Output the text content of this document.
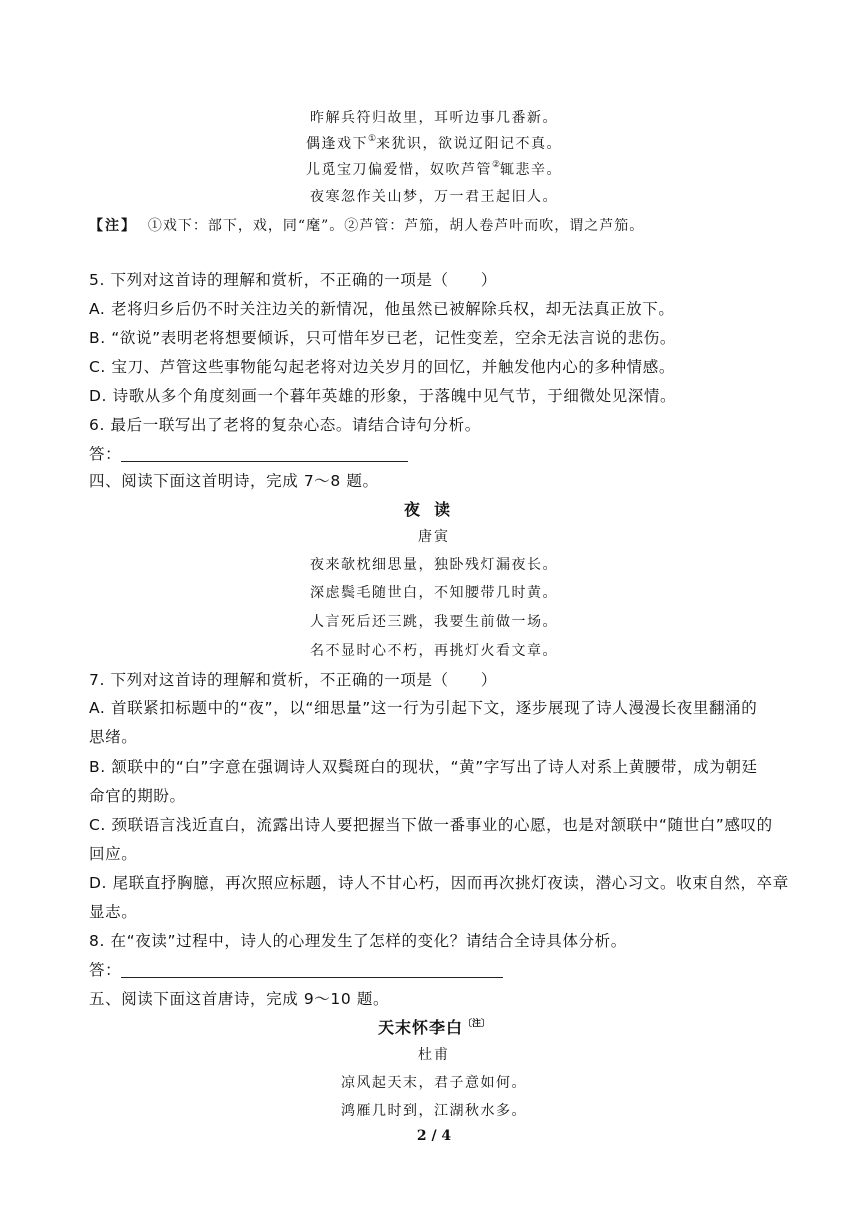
昨解兵符归故里，耳听边事几番新。
偶逢戏下①来犹识，欲说辽阳记不真。
儿觅宝刀偏爱惜，奴吹芦管②辄悲辛。
夜寒忽作关山梦，万一君王起旧人。
【注】 ①戏下：部下，戏，同“麾”。②芦管：芦笳，胡人卷芦叶而吹，谓之芦笳。
5. 下列对这首诗的理解和赏析，不正确的一项是（　　）
A. 老将归乡后仍不时关注边关的新情况，他虽然已被解除兵权，却无法真正放下。
B. “欲说”表明老将想要倾诉，只可惜年岁已老，记性变差，空余无法言说的悲伤。
C. 宝刀、芦管这些事物能勾起老将对边关岁月的回忆，并触发他内心的多种情感。
D. 诗歌从多个角度刻画一个暮年英雄的形象，于落魄中见气节，于细微处见深情。
6. 最后一联写出了老将的复杂心态。请结合诗句分析。
答：
四、阅读下面这首明诗，完成 7～8 题。
夜读
唐寅
夜来欹枕细思量，独卧残灯漏夜长。
深虑鬓毛随世白，不知腰带几时黄。
人言死后还三跳，我要生前做一场。
名不显时心不朽，再挑灯火看文章。
7. 下列对这首诗的理解和赏析，不正确的一项是（　　）
A. 首联紧扣标题中的“夜”，以“细思量”这一行为引起下文，逐步展现了诗人漫漫长夜里翻涌的
思绪。
B. 颔联中的“白”字意在强调诗人双鬓斑白的现状，“黄”字写出了诗人对系上黄腰带，成为朝廷
命官的期盼。
C. 颈联语言浅近直白，流露出诗人要把握当下做一番事业的心愿，也是对颔联中“随世白”感叹的
回应。
D. 尾联直抒胸臆，再次照应标题，诗人不甘心朽，因而再次挑灯夜读，潜心习文。收束自然，卒章
显志。
8. 在“夜读”过程中，诗人的心理发生了怎样的变化？请结合全诗具体分析。
答：
五、阅读下面这首唐诗，完成 9～10 题。
天末怀李白$^{〔注〕}$
杜甫
凉风起天末，君子意如何。
鸿雁几时到，江湖秋水多。
2 / 4
